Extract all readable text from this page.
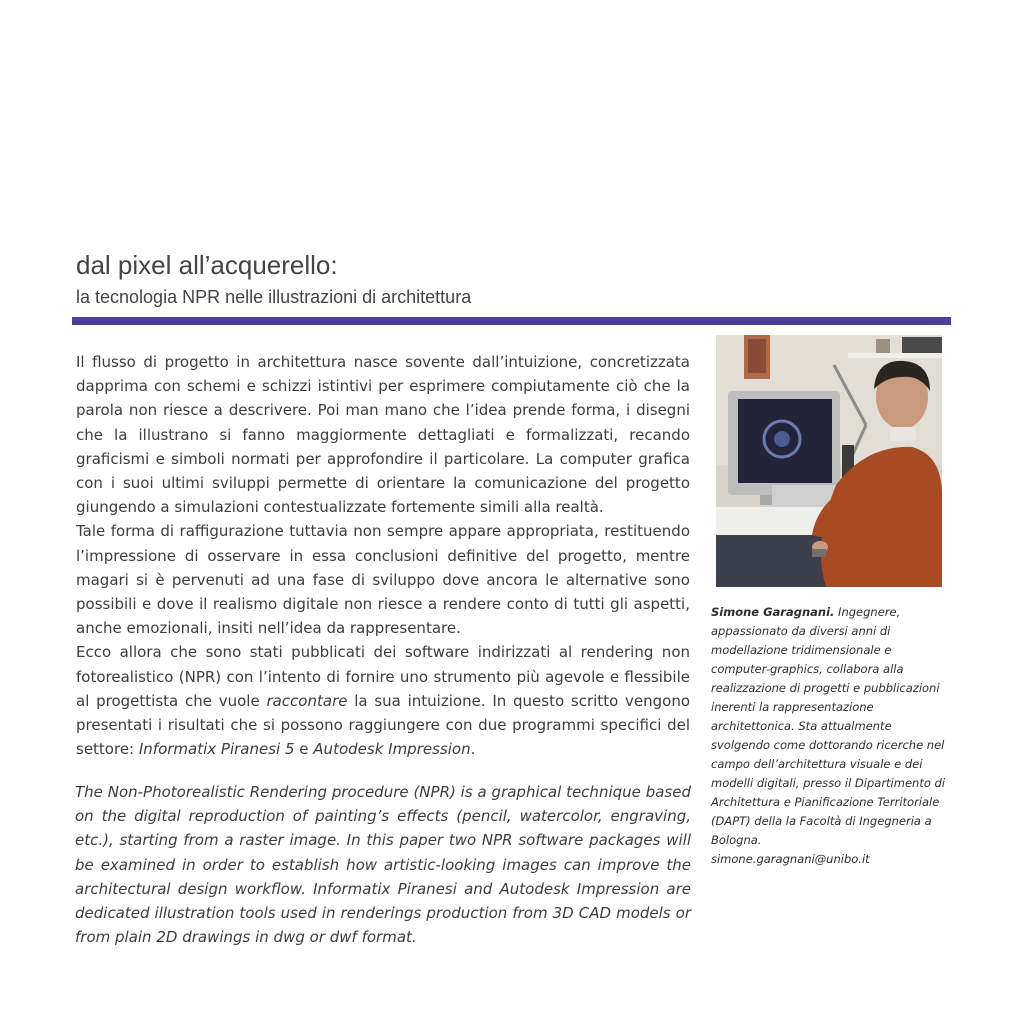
dal pixel all’acquerello:
la tecnologia NPR nelle illustrazioni di architettura

Il flusso di progetto in architettura nasce sovente dall’intuizione, concretizzata dapprima con schemi e schizzi istintivi per esprimere compiutamente ciò che la parola non riesce a descrivere. Poi man mano che l’idea prende forma, i disegni che la illustrano si fanno maggiormente dettagliati e formalizzati, recando graficismi e simboli normati per approfondire il particolare. La computer grafica con i suoi ultimi sviluppi permette di orientare la comunicazione del progetto giungendo a simulazioni contestualizzate fortemente simili alla realtà.

Tale forma di raffigurazione tuttavia non sempre appare appropriata, restituendo l’impressione di osservare in essa conclusioni definitive del progetto, mentre magari si è pervenuti ad una fase di sviluppo dove ancora le alternative sono possibili e dove il realismo digitale non riesce a rendere conto di tutti gli aspetti, anche emozionali, insiti nell’idea da rappresentare.

Ecco allora che sono stati pubblicati dei software indirizzati al rendering non fotorealistico (NPR) con l’intento di fornire uno strumento più agevole e flessibile al progettista che vuole raccontare la sua intuizione. In questo scritto vengono presentati i risultati che si possono raggiungere con due programmi specifici del settore: Informatix Piranesi 5 e Autodesk Impression.

The Non-Photorealistic Rendering procedure (NPR) is a graphical technique based on the digital reproduction of painting’s effects (pencil, watercolor, engraving, etc.), starting from a raster image. In this paper two NPR software packages will be examined in order to establish how artistic-looking images can improve the architectural design workflow. Informatix Piranesi and Autodesk Impression are dedicated illustration tools used in renderings production from 3D CAD models or from plain 2D drawings in dwg or dwf format.

Simone Garagnani. Ingegnere, appassionato da diversi anni di modellazione tridimensionale e computer-graphics, collabora alla realizzazione di progetti e pubblicazioni inerenti la rappresentazione architettonica. Sta attualmente svolgendo come dottorando ricerche nel campo dell’architettura visuale e dei modelli digitali, presso il Dipartimento di Architettura e Pianificazione Territoriale (DAPT) della la Facoltà di Ingegneria a Bologna.
simone.garagnani@unibo.it
